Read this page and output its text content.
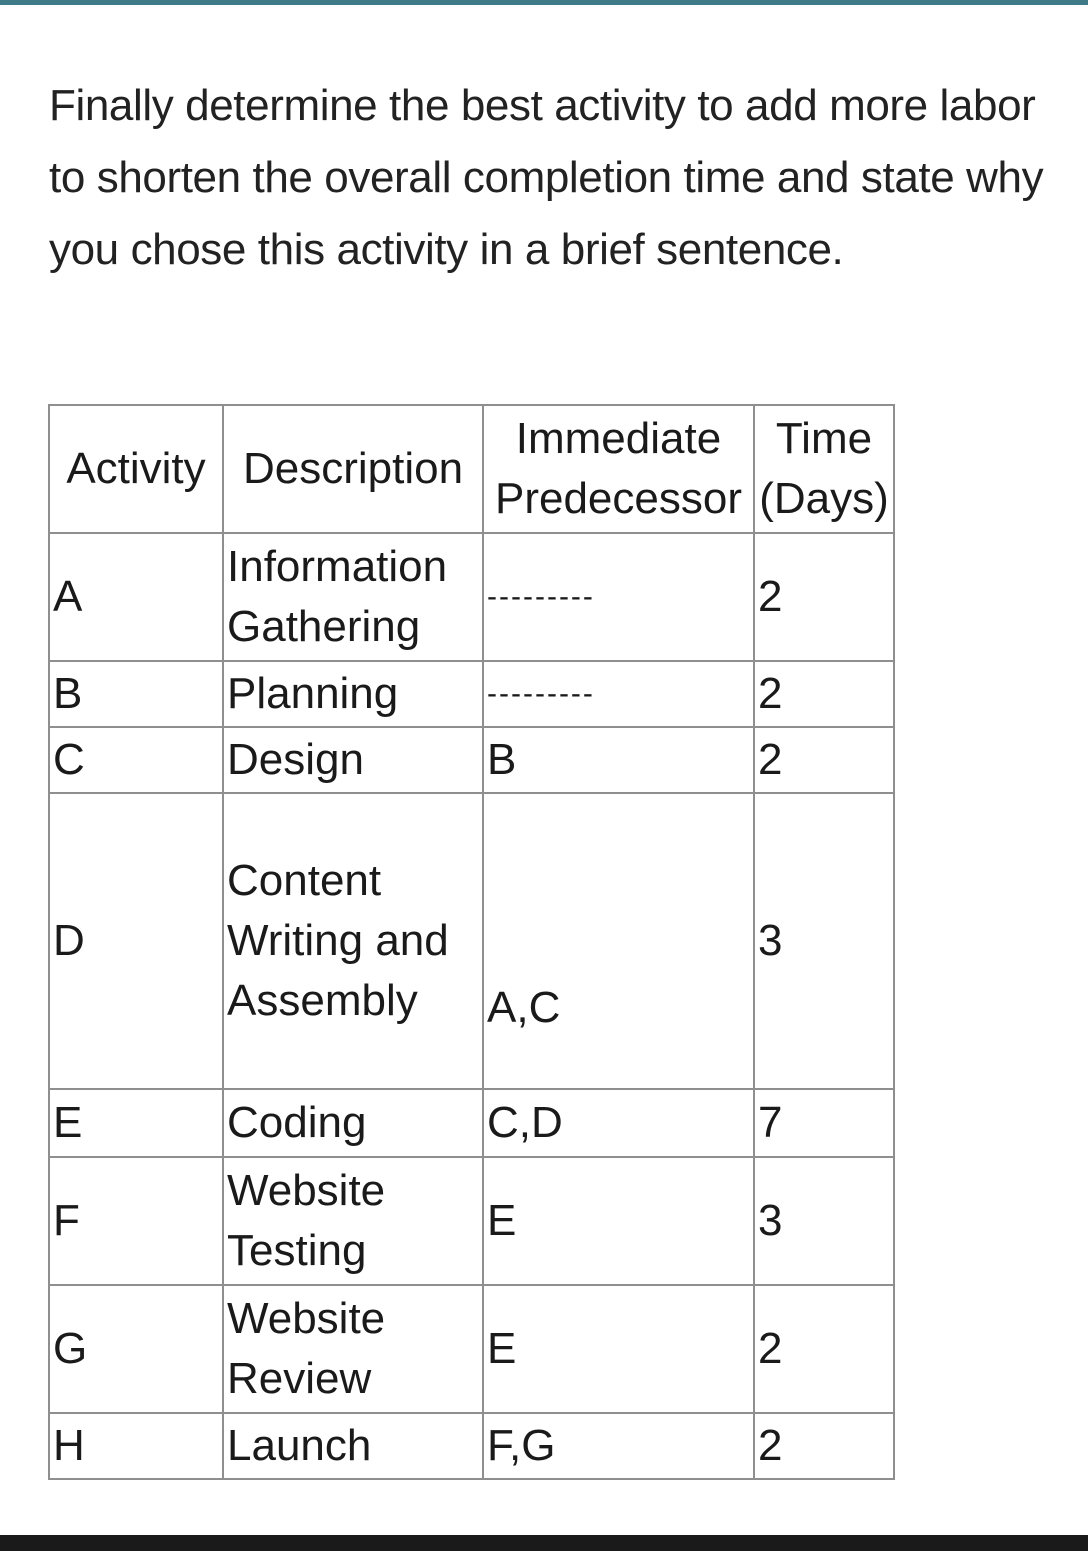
Finally determine the best activity to add more labor to shorten the overall completion time and state why you chose this activity in a brief sentence.
Activity	Description	Immediate Predecessor	Time (Days)
A	Information Gathering	---------	2
B	Planning	---------	2
C	Design	B	2
D	Content Writing and Assembly	A,C	3
E	Coding	C,D	7
F	Website Testing	E	3
G	Website Review	E	2
H	Launch	F,G	2
